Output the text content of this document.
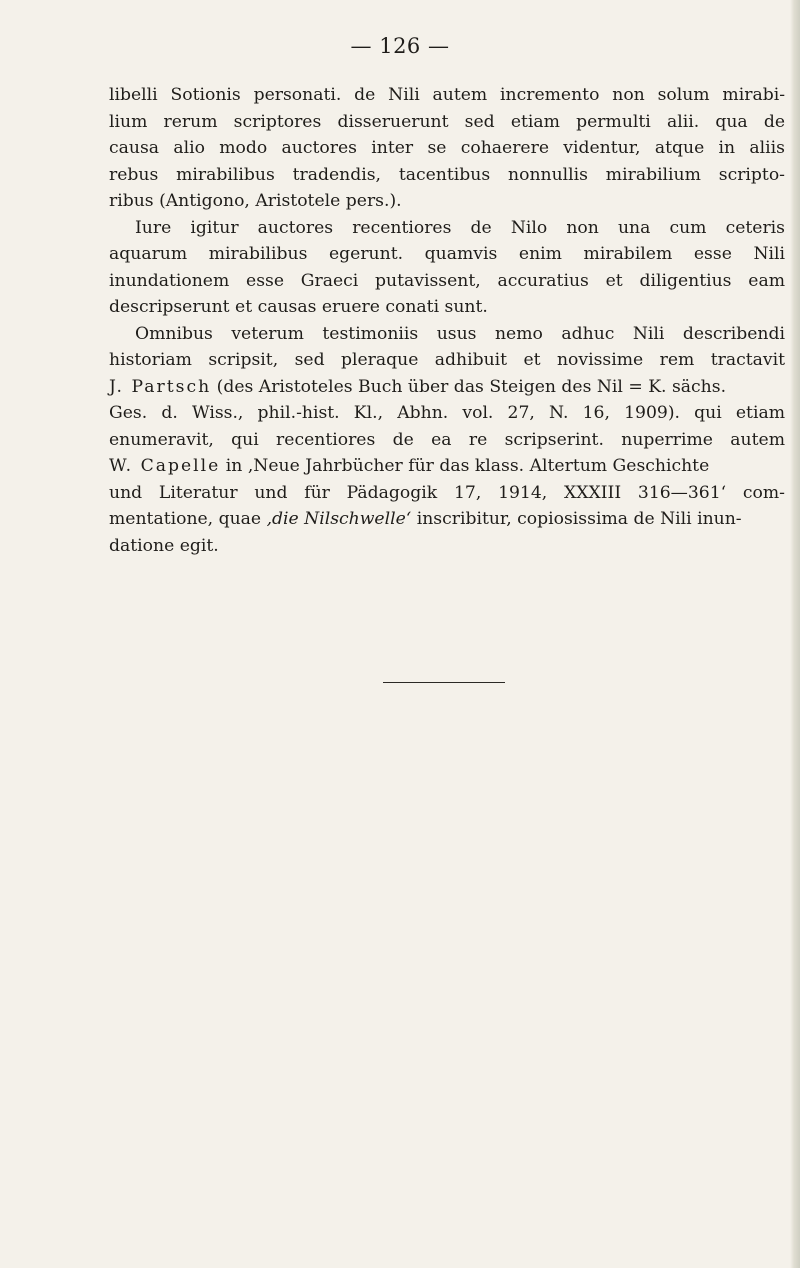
— 126 —
libelli Sotionis personati. de Nili autem incremento non solum mirabi-
lium rerum scriptores disseruerunt sed etiam permulti alii. qua de
causa alio modo auctores inter se cohaerere videntur, atque in aliis
rebus mirabilibus tradendis, tacentibus nonnullis mirabilium scripto-
ribus (Antigono, Aristotele pers.).
Iure igitur auctores recentiores de Nilo non una cum ceteris
aquarum mirabilibus egerunt. quamvis enim mirabilem esse Nili
inundationem esse Graeci putavissent, accuratius et diligentius eam
descripserunt et causas eruere conati sunt.
Omnibus veterum testimoniis usus nemo adhuc Nili describendi
historiam scripsit, sed pleraque adhibuit et novissime rem tractavit
J. Partsch (des Aristoteles Buch über das Steigen des Nil = K. sächs.
Ges. d. Wiss., phil.-hist. Kl., Abhn. vol. 27, N. 16, 1909). qui etiam
enumeravit, qui recentiores de ea re scripserint. nuperrime autem
W. Capelle in ,Neue Jahrbücher für das klass. Altertum Geschichte
und Literatur und für Pädagogik 17, 1914, XXXIII 316—361‘ com-
mentatione, quae ,die Nilschwelle‘ inscribitur, copiosissima de Nili inun-
datione egit.
